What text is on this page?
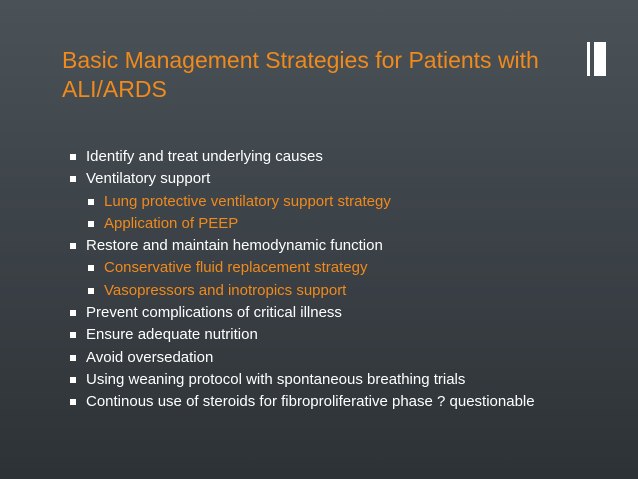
Basic Management Strategies for Patients with ALI/ARDS
Identify and treat underlying causes
Ventilatory support
Lung protective ventilatory support strategy
Application of PEEP
Restore and maintain hemodynamic function
Conservative fluid replacement strategy
Vasopressors and inotropics support
Prevent complications of critical illness
Ensure adequate nutrition
Avoid oversedation
Using weaning protocol with spontaneous breathing trials
Continous use of steroids for fibroproliferative phase ? questionable
